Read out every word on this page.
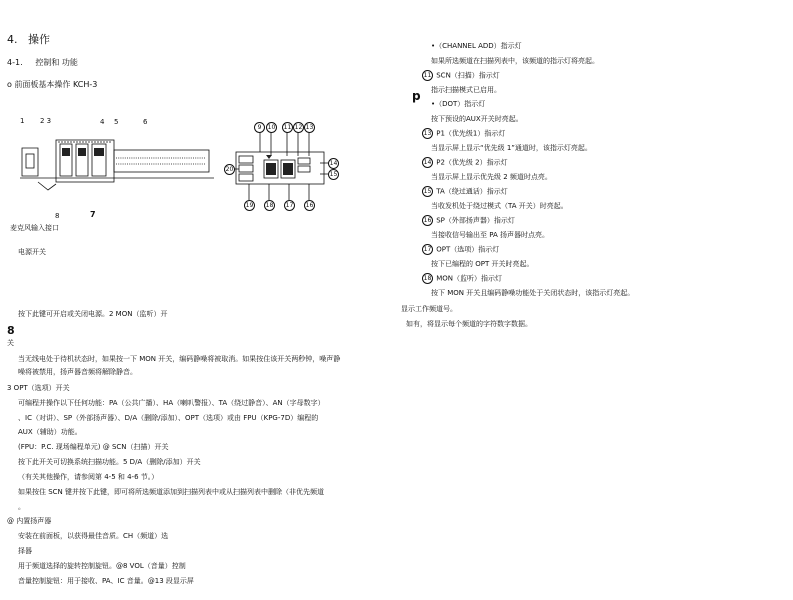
4.   操作
4-1.     控制和 功能
o 前面板基本操作 KCH-3
1 2 3	4 5	6
8	7
麦克风输入接口
电源开关
按下此键可开启或关闭电源。2 MON（监听）开
8
关
当无线电处于待机状态时，如果按一下 MON 开关，编码静噪将被取消。如果按住该开关两秒钟，噪声静
噪将被禁用，扬声器音频将解除静音。
3 OPT（选项）开关
可编程并操作以下任何功能：PA（公共广播）、HA（喇叭警报）、TA（绕过静音）、AN（字母数字）
、IC（对讲）、SP（外部扬声器）、D/A（删除/添加）、OPT（选项）或由 FPU（KPG-7D）编程的
AUX（辅助）功能。
(FPU：P.C. 现场编程单元) @ SCN（扫描）开关
按下此开关可切换系统扫描功能。5 D/A（删除/添加）开关
（有关其他操作，请参阅第 4-5 和 4-6 节。）
如果按住 SCN 键并按下此键，即可将所选频道添加到扫描列表中或从扫描列表中删除（非优先频道
。
@ 内置扬声器
安装在前面板，以获得最佳音质。CH（频道）选
择器
用于频道选择的旋转控制旋钮。@8 VOL（音量）控制
音量控制旋钮：用于接收、PA、IC 音量。@13 段显示屏
9	10 11 12 13
20
14
15
19 18 17 16
•（CHANNEL ADD）指示灯
如果所选频道在扫描列表中，该频道的指示灯将亮起。
11 SCN（扫描）指示灯
指示扫描模式已启用。
p
•（DOT）指示灯
按下预设的AUX开关时亮起。
13 P1（优先级1）指示灯
当显示屏上显示“优先级 1”通道时，该指示灯亮起。
14 P2（优先级 2）指示灯
当显示屏上显示优先级 2 频道时点亮。
15 TA（绕过通话）指示灯
当收发机处于绕过模式（TA 开关）时亮起。
16 SP（外部扬声器）指示灯
当接收信号输出至 PA 扬声器时点亮。
17 OPT（选项）指示灯
按下已编程的 OPT 开关时亮起。
18 MON（监听）指示灯
按下 MON 开关且编码静噪功能处于关闭状态时，该指示灯亮起。
显示工作频道号。
如有，将显示每个频道的字符数字数据。
